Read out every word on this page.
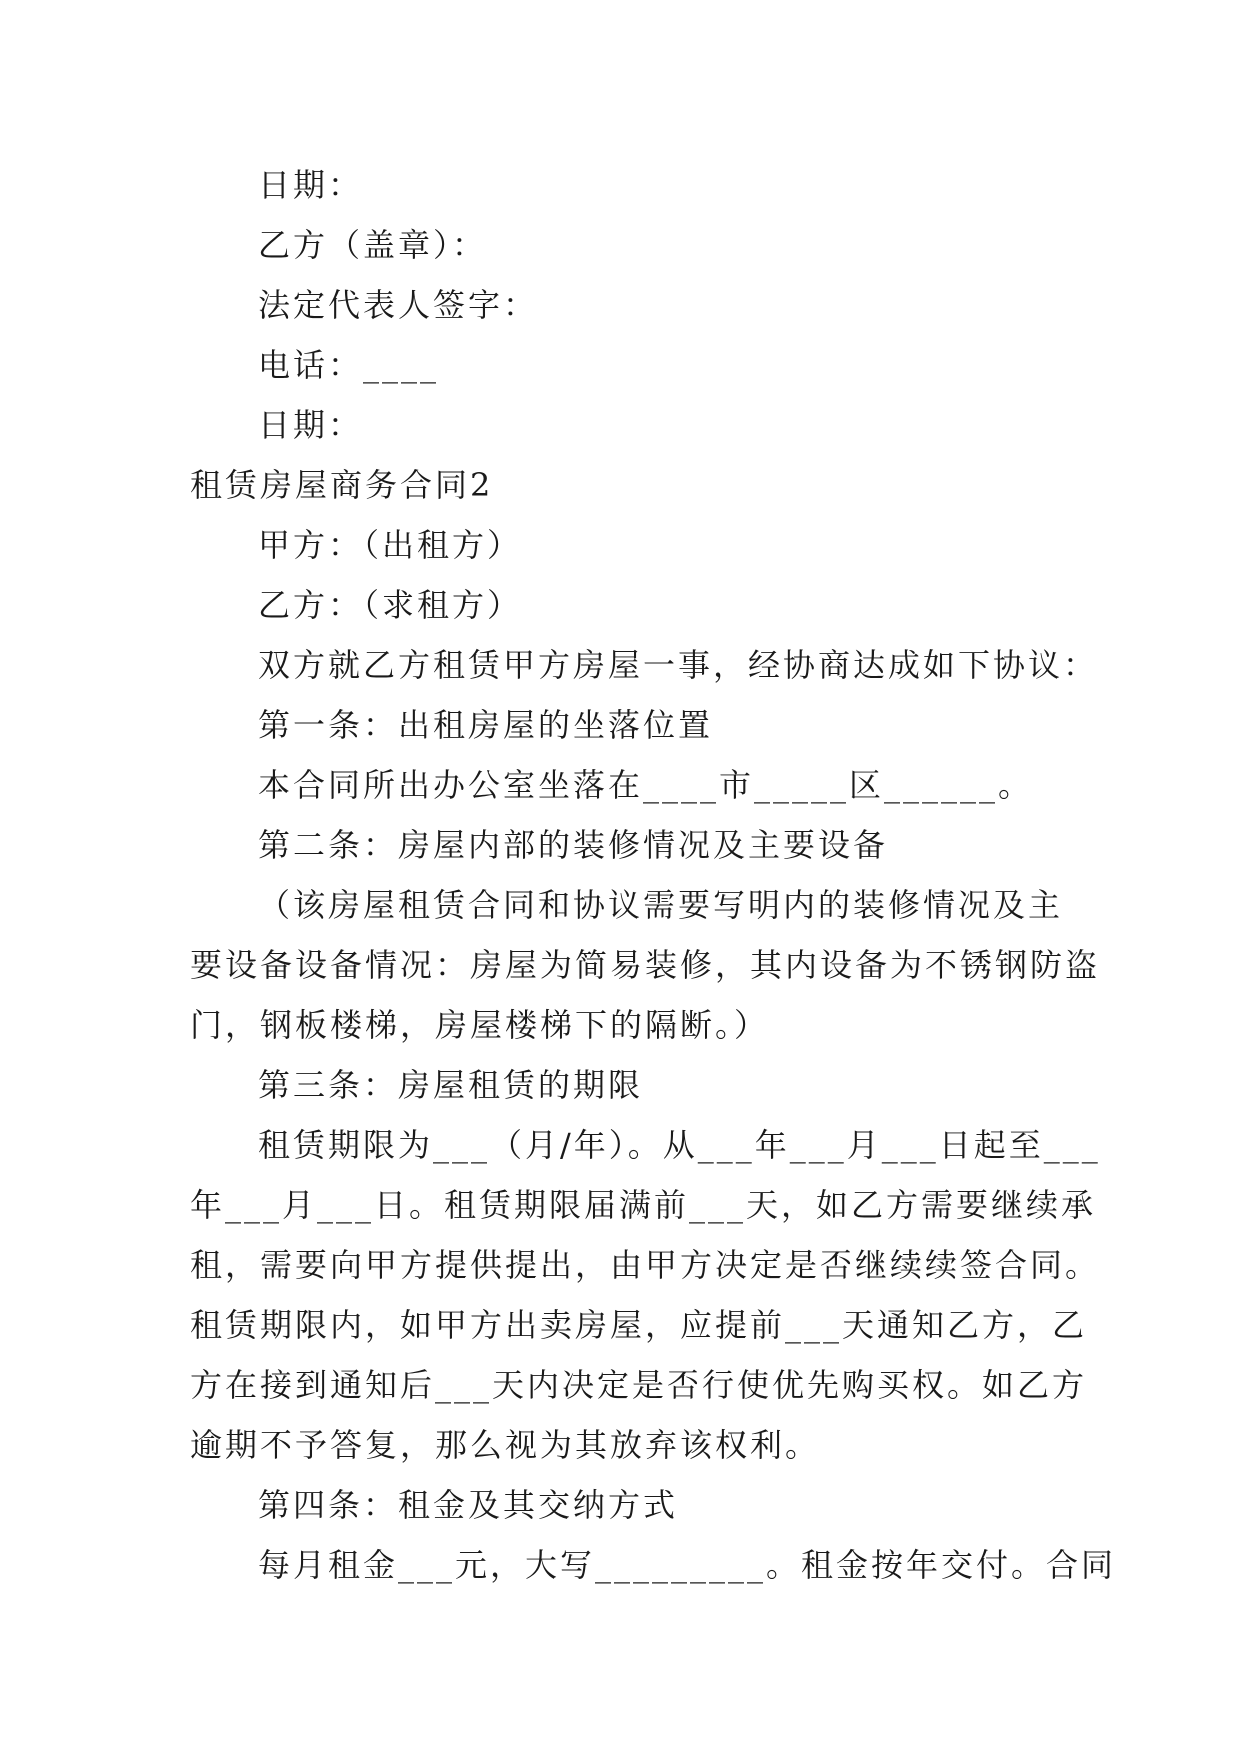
日期：
乙方（盖章）：
法定代表人签字：
电话：____
日期：
租赁房屋商务合同2
甲方：（出租方）
乙方：（求租方）
双方就乙方租赁甲方房屋一事，经协商达成如下协议：
第一条：出租房屋的坐落位置
本合同所出办公室坐落在____市_____区______。
第二条：房屋内部的装修情况及主要设备
（该房屋租赁合同和协议需要写明内的装修情况及主
要设备设备情况：房屋为简易装修，其内设备为不锈钢防盗
门，钢板楼梯，房屋楼梯下的隔断。）
第三条：房屋租赁的期限
租赁期限为___（月/年）。从___年___月___日起至___
年___月___日。租赁期限届满前___天，如乙方需要继续承
租，需要向甲方提供提出，由甲方决定是否继续续签合同。
租赁期限内，如甲方出卖房屋，应提前___天通知乙方，乙
方在接到通知后___天内决定是否行使优先购买权。如乙方
逾期不予答复，那么视为其放弃该权利。
第四条：租金及其交纳方式
每月租金___元，大写_________。租金按年交付。合同
